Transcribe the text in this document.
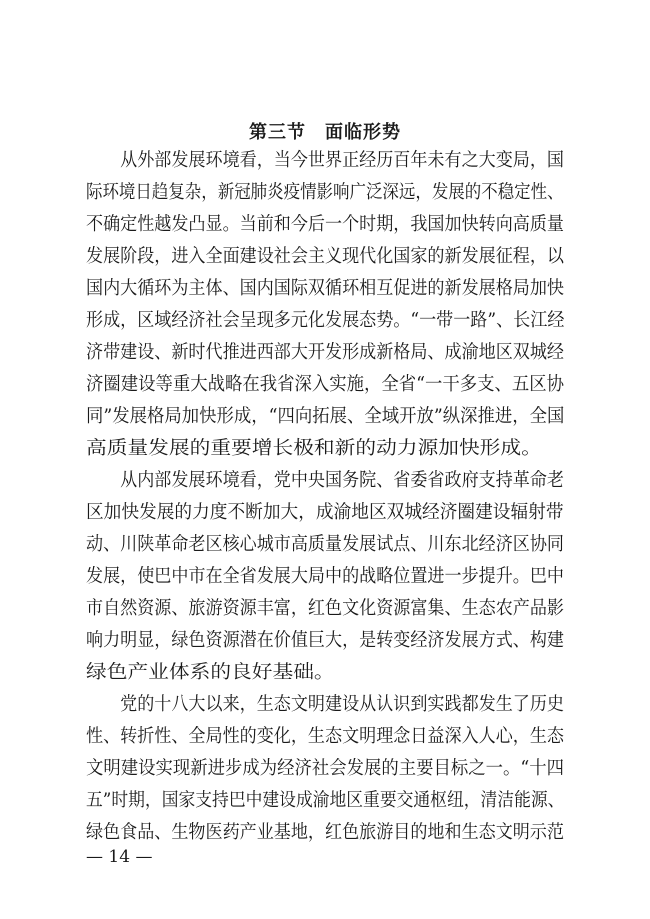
第三节　面临形势
　　从外部发展环境看，当今世界正经历百年未有之大变局，国
际环境日趋复杂，新冠肺炎疫情影响广泛深远，发展的不稳定性、
不确定性越发凸显。当前和今后一个时期，我国加快转向高质量
发展阶段，进入全面建设社会主义现代化国家的新发展征程，以
国内大循环为主体、国内国际双循环相互促进的新发展格局加快
形成，区域经济社会呈现多元化发展态势。“一带一路”、长江经
济带建设、新时代推进西部大开发形成新格局、成渝地区双城经
济圈建设等重大战略在我省深入实施，全省“一干多支、五区协
同”发展格局加快形成，“四向拓展、全域开放”纵深推进，全国
高质量发展的重要增长极和新的动力源加快形成。
　　从内部发展环境看，党中央国务院、省委省政府支持革命老
区加快发展的力度不断加大，成渝地区双城经济圈建设辐射带
动、川陕革命老区核心城市高质量发展试点、川东北经济区协同
发展，使巴中市在全省发展大局中的战略位置进一步提升。巴中
市自然资源、旅游资源丰富，红色文化资源富集、生态农产品影
响力明显，绿色资源潜在价值巨大，是转变经济发展方式、构建
绿色产业体系的良好基础。
　　党的十八大以来，生态文明建设从认识到实践都发生了历史
性、转折性、全局性的变化，生态文明理念日益深入人心，生态
文明建设实现新进步成为经济社会发展的主要目标之一。“十四
五”时期，国家支持巴中建设成渝地区重要交通枢纽，清洁能源、
绿色食品、生物医药产业基地，红色旅游目的地和生态文明示范
— 14 —
